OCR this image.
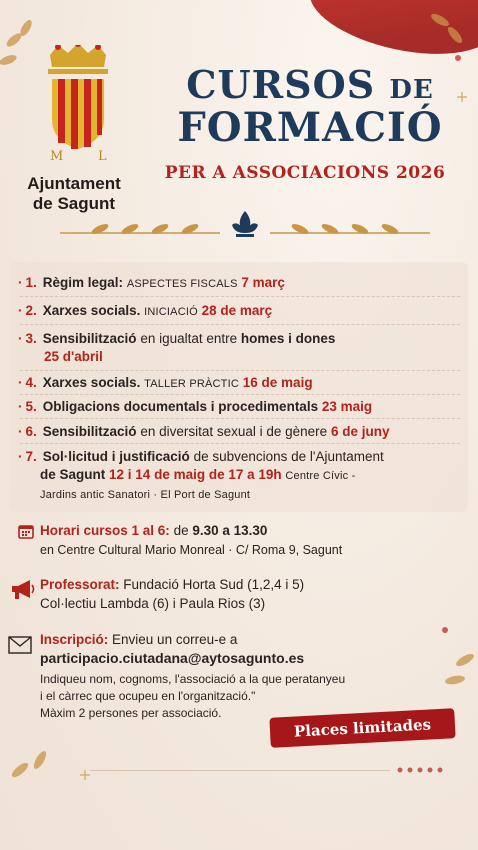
M	L
Ajuntament
de Sagunt
CURSOS DE
FORMACIÓ
PER A ASSOCIACIONS 2026
· 1. Règim legal: ASPECTES FISCALS 7 març
· 2. Xarxes socials. INICIACIÓ 28 de març
· 3. Sensibilització en igualtat entre homes i dones
25 d'abril
· 4. Xarxes socials. TALLER PRÀCTIC 16 de maig
· 5. Obligacions documentals i procedimentals 23 maig
· 6. Sensibilització en diversitat sexual i de gènere 6 de juny
· 7. Sol·licitud i justificació de subvencions de l'Ajuntament
de Sagunt 12 i 14 de maig de 17 a 19h Centre Cívic -
Jardins antic Sanatori · El Port de Sagunt
Horari cursos 1 al 6: de 9.30 a 13.30
en Centre Cultural Mario Monreal · C/ Roma 9, Sagunt
Professorat: Fundació Horta Sud (1,2,4 i 5)
Col·lectiu Lambda (6) i Paula Rios (3)
Inscripció: Envieu un correu-e a
participacio.ciutadana@aytosagunto.es
Indiqueu nom, cognoms, l'associació a la que peratanyeu
i el càrrec que ocupeu en l'organització."
Màxim 2 persones per associació.
Places limitades
